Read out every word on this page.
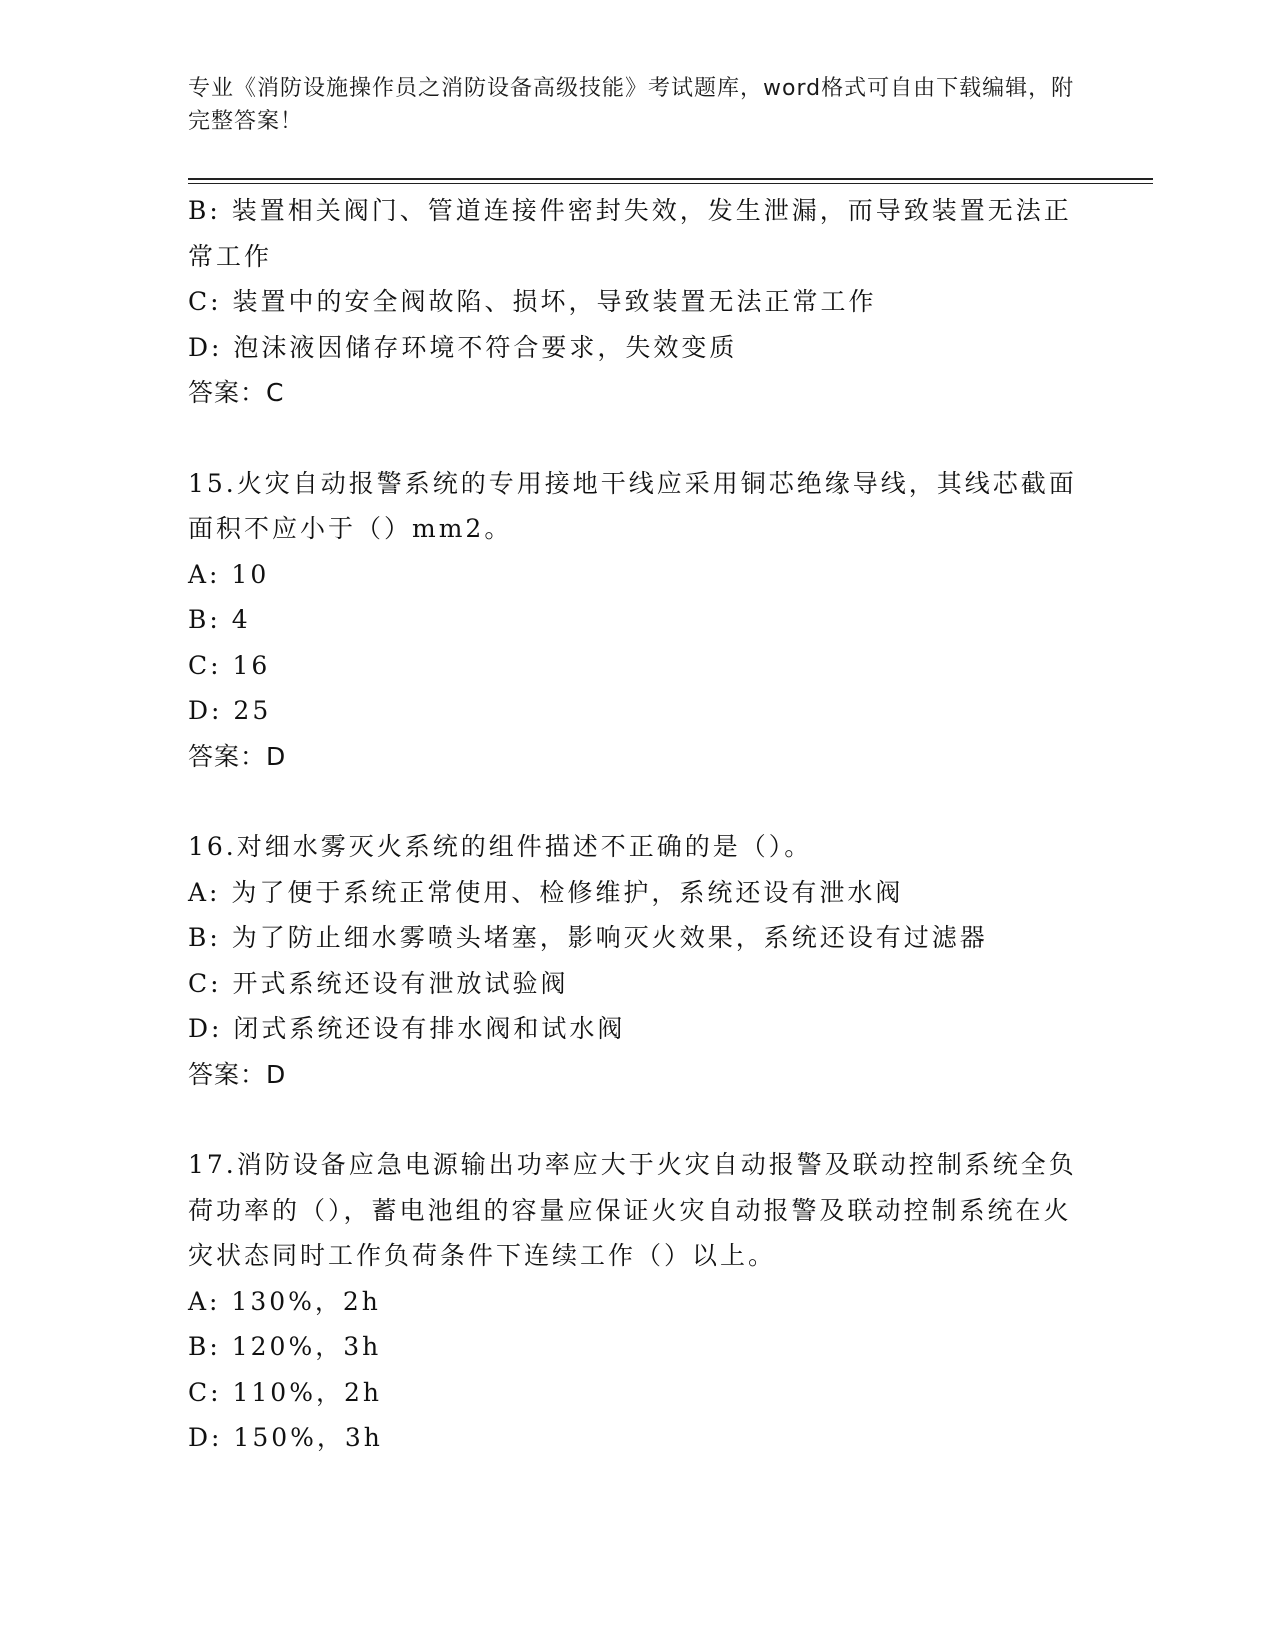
专业《消防设施操作员之消防设备高级技能》考试题库，word格式可自由下载编辑，附完整答案！
B: 装置相关阀门、管道连接件密封失效，发生泄漏，而导致装置无法正常工作
C: 装置中的安全阀故陷、损坏，导致装置无法正常工作
D: 泡沫液因储存环境不符合要求，失效变质
答案：C
15.火灾自动报警系统的专用接地干线应采用铜芯绝缘导线，其线芯截面面积不应小于（）mm2。
A: 10
B: 4
C: 16
D: 25
答案：D
16.对细水雾灭火系统的组件描述不正确的是（）。
A: 为了便于系统正常使用、检修维护，系统还设有泄水阀
B: 为了防止细水雾喷头堵塞，影响灭火效果，系统还设有过滤器
C: 开式系统还设有泄放试验阀
D: 闭式系统还设有排水阀和试水阀
答案：D
17.消防设备应急电源输出功率应大于火灾自动报警及联动控制系统全负荷功率的（），蓄电池组的容量应保证火灾自动报警及联动控制系统在火灾状态同时工作负荷条件下连续工作（）以上。
A: 130%，2h
B: 120%，3h
C: 110%，2h
D: 150%，3h
